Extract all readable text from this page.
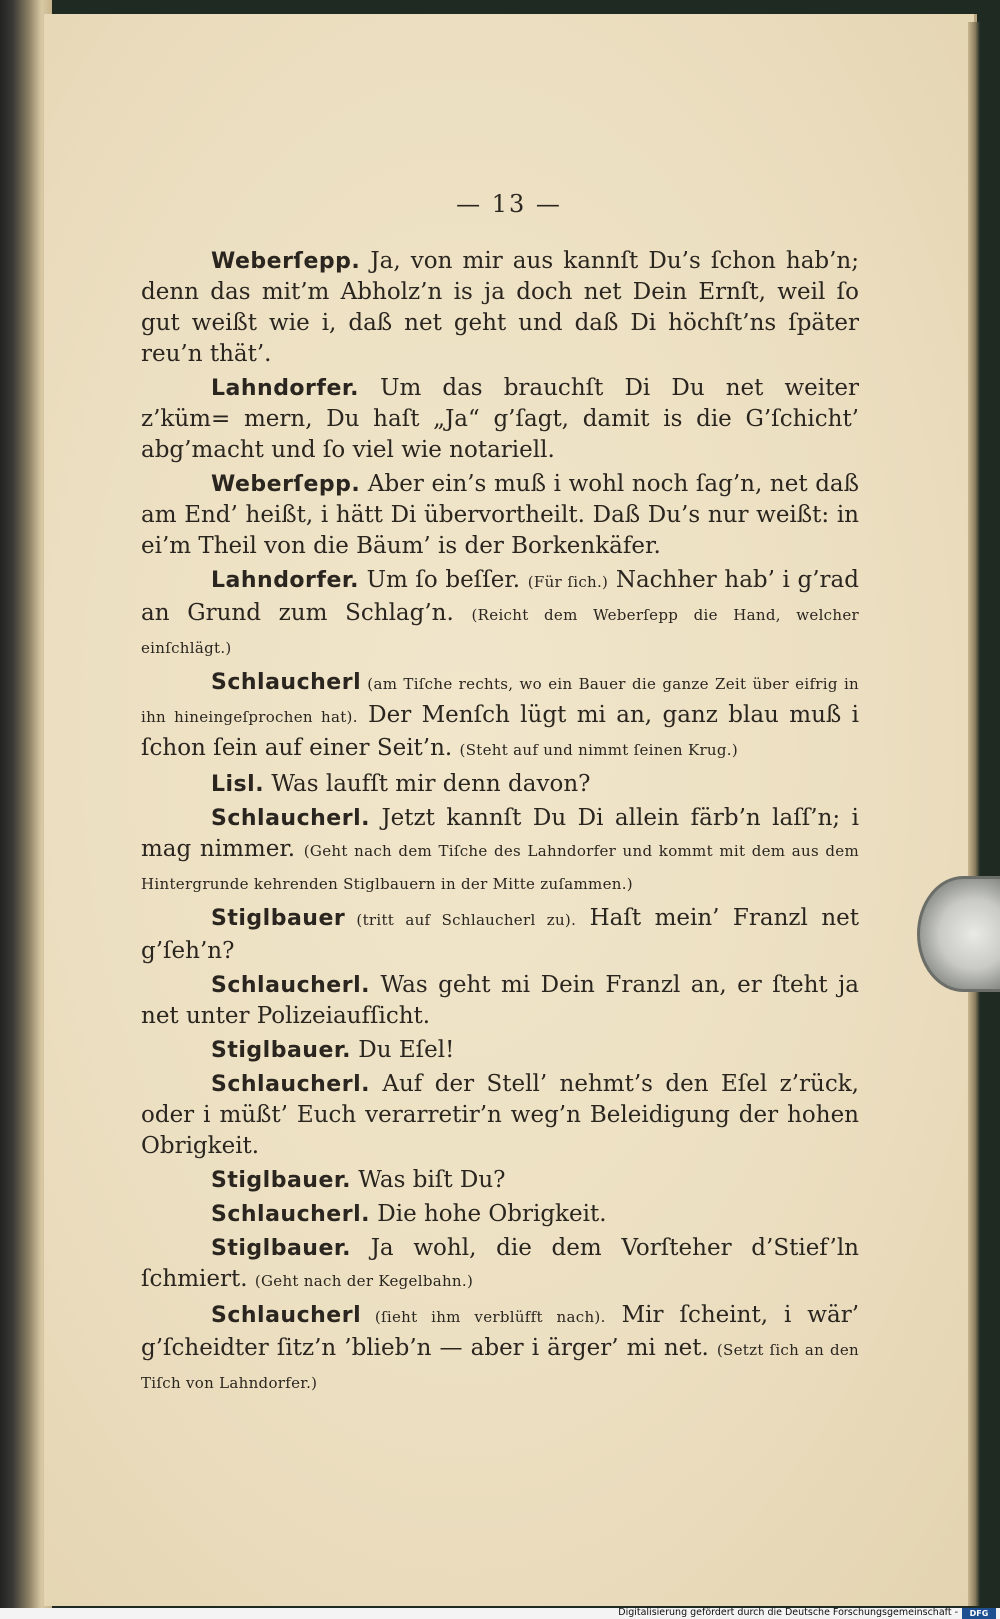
— 13 —

Weberſepp. Ja, von mir aus kannſt Du’s ſchon hab’n; denn das mit’m Abholz’n is ja doch net Dein Ernſt, weil ſo gut weißt wie i, daß net geht und daß Di höchſt’ns ſpäter reu’n thät’.

Lahndorfer. Um das brauchſt Di Du net weiter z’küm= mern, Du haſt „Ja“ g’ſagt, damit is die G’ſchicht’ abg’macht und ſo viel wie notariell.

Weberſepp. Aber ein’s muß i wohl noch ſag’n, net daß am End’ heißt, i hätt Di übervortheilt. Daß Du’s nur weißt: in ei’m Theil von die Bäum’ is der Borkenkäfer.

Lahndorfer. Um ſo beſſer. (Für ſich.) Nachher hab’ i g’rad an Grund zum Schlag’n. (Reicht dem Weberſepp die Hand, welcher einſchlägt.)

Schlaucherl (am Tiſche rechts, wo ein Bauer die ganze Zeit über eifrig in ihn hineingeſprochen hat). Der Menſch lügt mi an, ganz blau muß i ſchon ſein auf einer Seit’n. (Steht auf und nimmt ſeinen Krug.)

Lisl. Was laufſt mir denn davon?

Schlaucherl. Jetzt kannſt Du Di allein färb’n laſſ’n; i mag nimmer. (Geht nach dem Tiſche des Lahndorfer und kommt mit dem aus dem Hintergrunde kehrenden Stiglbauern in der Mitte zuſammen.)

Stiglbauer (tritt auf Schlaucherl zu). Haſt mein’ Franzl net g’ſeh’n?

Schlaucherl. Was geht mi Dein Franzl an, er ſteht ja net unter Polizeiaufſicht.

Stiglbauer. Du Eſel!

Schlaucherl. Auf der Stell’ nehmt’s den Eſel z’rück, oder i müßt’ Euch verarretir’n weg’n Beleidigung der hohen Obrigkeit.

Stiglbauer. Was biſt Du?

Schlaucherl. Die hohe Obrigkeit.

Stiglbauer. Ja wohl, die dem Vorſteher d’Stief’ln ſchmiert. (Geht nach der Kegelbahn.)

Schlaucherl (ſieht ihm verblüfft nach). Mir ſcheint, i wär’ g’ſcheidter ſitz’n ’blieb’n — aber i ärger’ mi net. (Setzt ſich an den Tiſch von Lahndorfer.)

Digitalisierung gefördert durch die Deutsche Forschungsgemeinschaft -	DFG
